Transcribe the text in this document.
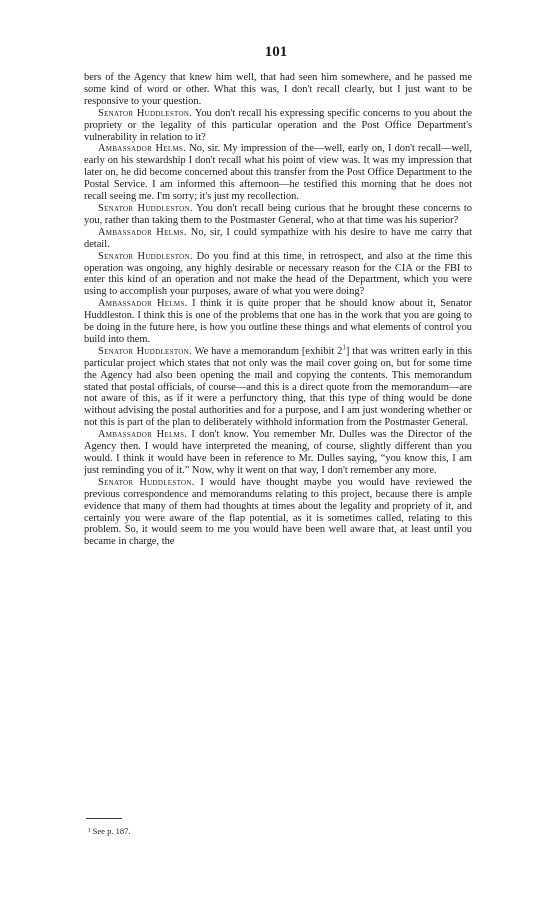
101

bers of the Agency that knew him well, that had seen him somewhere, and he passed me some kind of word or other. What this was, I don't recall clearly, but I just want to be responsive to your question.

Senator Huddleston. You don't recall his expressing specific concerns to you about the propriety or the legality of this particular operation and the Post Office Department's vulnerability in relation to it?

Ambassador Helms. No, sir. My impression of the—well, early on, I don't recall—well, early on his stewardship I don't recall what his point of view was. It was my impression that later on, he did become concerned about this transfer from the Post Office Department to the Postal Service. I am informed this afternoon—he testified this morning that he does not recall seeing me. I'm sorry; it's just my recollection.

Senator Huddleston. You don't recall being curious that he brought these concerns to you, rather than taking them to the Postmaster General, who at that time was his superior?

Ambassador Helms. No, sir, I could sympathize with his desire to have me carry that detail.

Senator Huddleston. Do you find at this time, in retrospect, and also at the time this operation was ongoing, any highly desirable or necessary reason for the CIA or the FBI to enter this kind of an operation and not make the head of the Department, which you were using to accomplish your purposes, aware of what you were doing?

Ambassador Helms. I think it is quite proper that he should know about it, Senator Huddleston. I think this is one of the problems that one has in the work that you are going to be doing in the future here, is how you outline these things and what elements of control you build into them.

Senator Huddleston. We have a memorandum [exhibit $2^1$] that was written early in this particular project which states that not only was the mail cover going on, but for some time the Agency had also been opening the mail and copying the contents. This memorandum stated that postal officials, of course—and this is a direct quote from the memorandum—are not aware of this, as if it were a perfunctory thing, that this type of thing would be done without advising the postal authorities and for a purpose, and I am just wondering whether or not this is part of the plan to deliberately withhold information from the Postmaster General.

Ambassador Helms. I don't know. You remember Mr. Dulles was the Director of the Agency then. I would have interpreted the meaning, of course, slightly different than you would. I think it would have been in reference to Mr. Dulles saying, “you know this, I am just reminding you of it.” Now, why it went on that way, I don't remember any more.

Senator Huddleston. I would have thought maybe you would have reviewed the previous correspondence and memorandums relating to this project, because there is ample evidence that many of them had thoughts at times about the legality and propriety of it, and certainly you were aware of the flap potential, as it is sometimes called, relating to this problem. So, it would seem to me you would have been well aware that, at least until you became in charge, the

¹ See p. 187.
